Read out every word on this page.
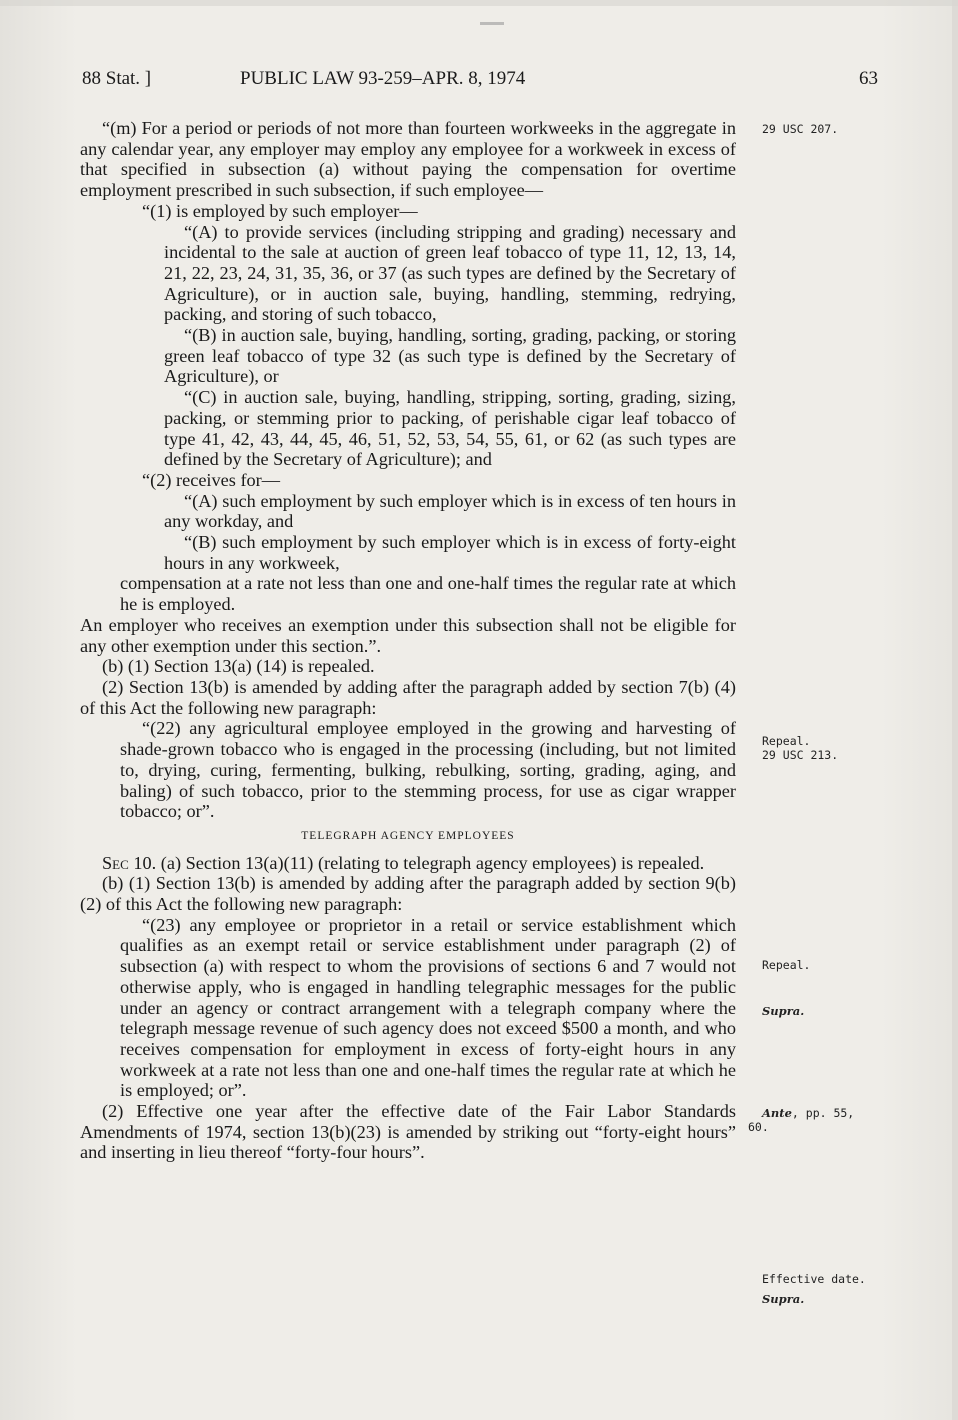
88 Stat. ]	PUBLIC LAW 93-259–APR. 8, 1974	63

“(m) For a period or periods of not more than fourteen workweeks in the aggregate in any calendar year, any employer may employ any employee for a workweek in excess of that specified in subsection (a) without paying the compensation for overtime employment prescribed in such subsection, if such employee—

“(1) is employed by such employer—

“(A) to provide services (including stripping and grading) necessary and incidental to the sale at auction of green leaf tobacco of type 11, 12, 13, 14, 21, 22, 23, 24, 31, 35, 36, or 37 (as such types are defined by the Secretary of Agriculture), or in auction sale, buying, handling, stemming, redrying, packing, and storing of such tobacco,

“(B) in auction sale, buying, handling, sorting, grading, packing, or storing green leaf tobacco of type 32 (as such type is defined by the Secretary of Agriculture), or

“(C) in auction sale, buying, handling, stripping, sorting, grading, sizing, packing, or stemming prior to packing, of perishable cigar leaf tobacco of type 41, 42, 43, 44, 45, 46, 51, 52, 53, 54, 55, 61, or 62 (as such types are defined by the Secretary of Agriculture); and

“(2) receives for—

“(A) such employment by such employer which is in excess of ten hours in any workday, and

“(B) such employment by such employer which is in excess of forty-eight hours in any workweek,

compensation at a rate not less than one and one-half times the regular rate at which he is employed.

An employer who receives an exemption under this subsection shall not be eligible for any other exemption under this section.”.

(b) (1) Section 13(a) (14) is repealed.

(2) Section 13(b) is amended by adding after the paragraph added by section 7(b) (4) of this Act the following new paragraph:

“(22) any agricultural employee employed in the growing and harvesting of shade-grown tobacco who is engaged in the processing (including, but not limited to, drying, curing, fermenting, bulking, rebulking, sorting, grading, aging, and baling) of such tobacco, prior to the stemming process, for use as cigar wrapper tobacco; or”.

TELEGRAPH AGENCY EMPLOYEES

Sec 10. (a) Section 13(a)(11) (relating to telegraph agency employees) is repealed.

(b) (1) Section 13(b) is amended by adding after the paragraph added by section 9(b)(2) of this Act the following new paragraph:

“(23) any employee or proprietor in a retail or service establishment which qualifies as an exempt retail or service establishment under paragraph (2) of subsection (a) with respect to whom the provisions of sections 6 and 7 would not otherwise apply, who is engaged in handling telegraphic messages for the public under an agency or contract arrangement with a telegraph company where the telegraph message revenue of such agency does not exceed $500 a month, and who receives compensation for employment in excess of forty-eight hours in any workweek at a rate not less than one and one-half times the regular rate at which he is employed; or”.

(2) Effective one year after the effective date of the Fair Labor Standards Amendments of 1974, section 13(b)(23) is amended by striking out “forty-eight hours” and inserting in lieu thereof “forty-four hours”.

29 USC 207.
Repeal.
29 USC 213.
Repeal.
Supra.
Ante, pp. 55,
60.
Effective date.
Supra.
